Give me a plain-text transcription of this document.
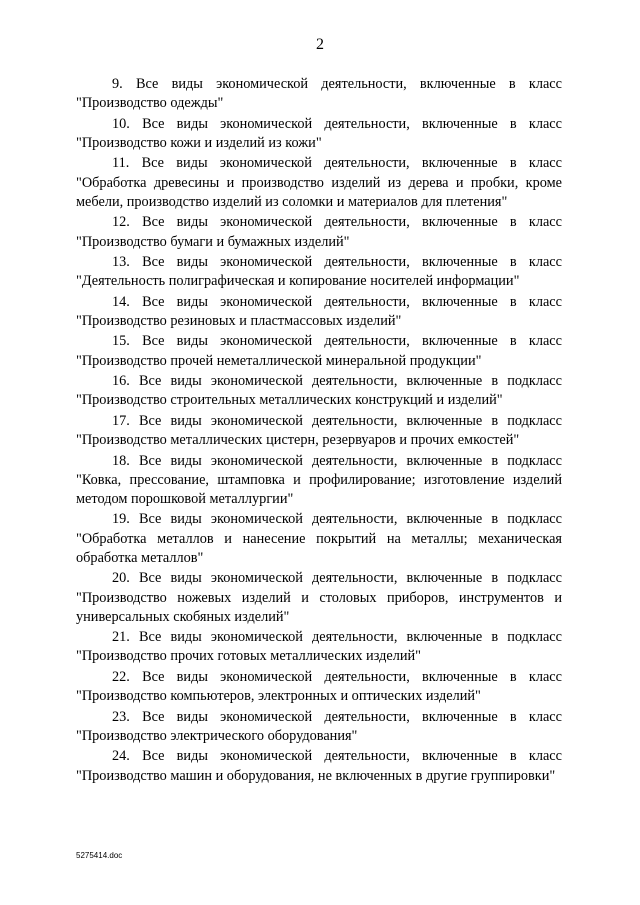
2
9. Все виды экономической деятельности, включенные в класс
"Производство одежды"
10. Все виды экономической деятельности, включенные в класс
"Производство кожи и изделий из кожи"
11. Все виды экономической деятельности, включенные в класс
"Обработка древесины и производство изделий из дерева и пробки, кроме мебели, производство изделий из соломки и материалов для плетения"
12. Все виды экономической деятельности, включенные в класс
"Производство бумаги и бумажных изделий"
13. Все виды экономической деятельности, включенные в класс
"Деятельность полиграфическая и копирование носителей информации"
14. Все виды экономической деятельности, включенные в класс
"Производство резиновых и пластмассовых изделий"
15. Все виды экономической деятельности, включенные в класс
"Производство прочей неметаллической минеральной продукции"
16. Все виды экономической деятельности, включенные в подкласс
"Производство строительных металлических конструкций и изделий"
17. Все виды экономической деятельности, включенные в подкласс
"Производство металлических цистерн, резервуаров и прочих емкостей"
18. Все виды экономической деятельности, включенные в подкласс
"Ковка, прессование, штамповка и профилирование; изготовление изделий методом порошковой металлургии"
19. Все виды экономической деятельности, включенные в подкласс
"Обработка металлов и нанесение покрытий на металлы; механическая обработка металлов"
20. Все виды экономической деятельности, включенные в подкласс
"Производство ножевых изделий и столовых приборов, инструментов и универсальных скобяных изделий"
21. Все виды экономической деятельности, включенные в подкласс
"Производство прочих готовых металлических изделий"
22. Все виды экономической деятельности, включенные в класс
"Производство компьютеров, электронных и оптических изделий"
23. Все виды экономической деятельности, включенные в класс
"Производство электрического оборудования"
24. Все виды экономической деятельности, включенные в класс
"Производство машин и оборудования, не включенных в другие группировки"
5275414.doc
